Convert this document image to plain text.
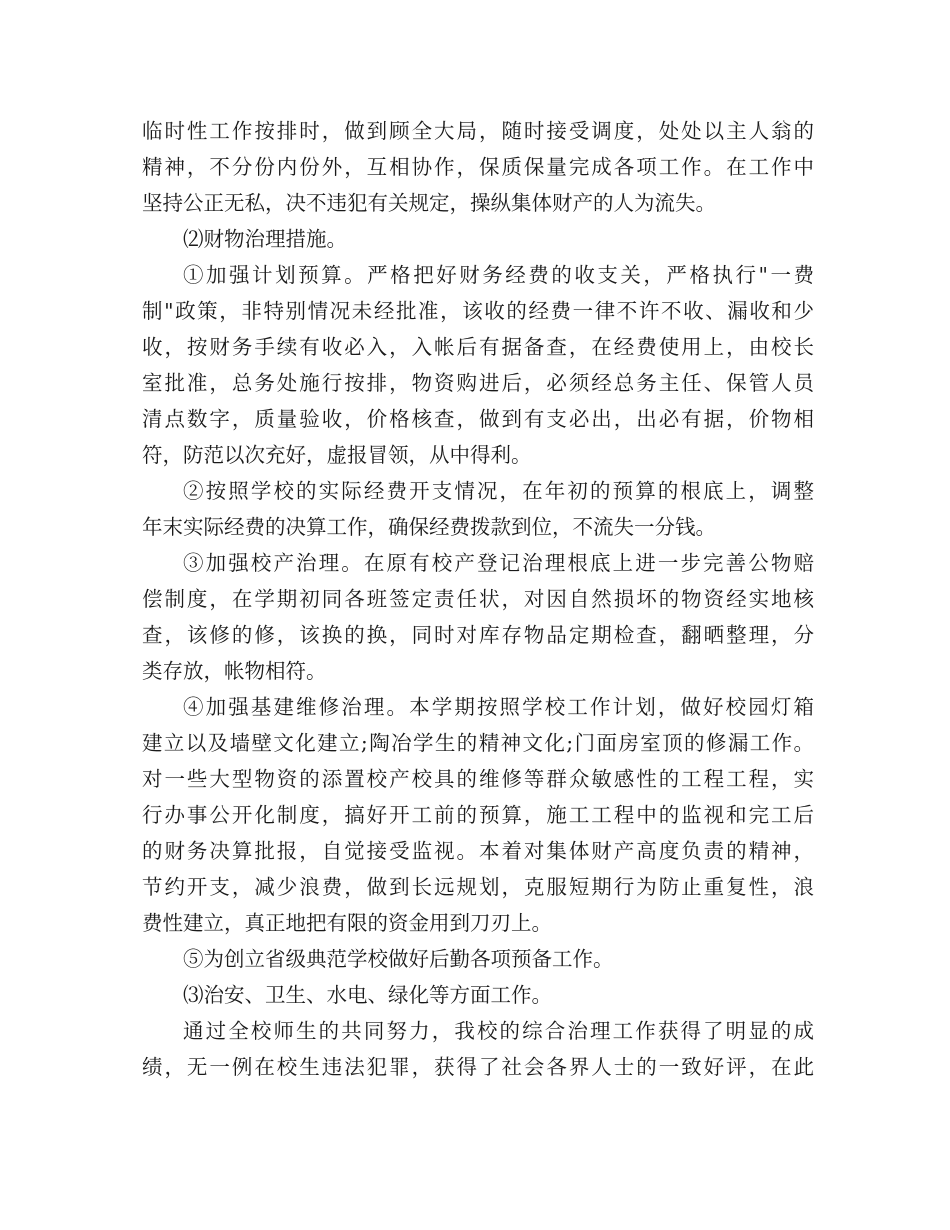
临时性工作按排时，做到顾全大局，随时接受调度，处处以主人翁的
精神，不分份内份外，互相协作，保质保量完成各项工作。在工作中
坚持公正无私，决不违犯有关规定，操纵集体财产的人为流失。
⑵财物治理措施。
①加强计划预算。严格把好财务经费的收支关，严格执行"一费
制"政策，非特别情况未经批准，该收的经费一律不许不收、漏收和少
收，按财务手续有收必入，入帐后有据备查，在经费使用上，由校长
室批准，总务处施行按排，物资购进后，必须经总务主任、保管人员
清点数字，质量验收，价格核查，做到有支必出，出必有据，价物相
符，防范以次充好，虚报冒领，从中得利。
②按照学校的实际经费开支情况，在年初的预算的根底上，调整
年末实际经费的决算工作，确保经费拨款到位，不流失一分钱。
③加强校产治理。在原有校产登记治理根底上进一步完善公物赔
偿制度，在学期初同各班签定责任状，对因自然损坏的物资经实地核
查，该修的修，该换的换，同时对库存物品定期检查，翻晒整理，分
类存放，帐物相符。
④加强基建维修治理。本学期按照学校工作计划，做好校园灯箱
建立以及墙壁文化建立;陶冶学生的精神文化;门面房室顶的修漏工作。
对一些大型物资的添置校产校具的维修等群众敏感性的工程工程，实
行办事公开化制度，搞好开工前的预算，施工工程中的监视和完工后
的财务决算批报，自觉接受监视。本着对集体财产高度负责的精神，
节约开支，减少浪费，做到长远规划，克服短期行为防止重复性，浪
费性建立，真正地把有限的资金用到刀刃上。
⑤为创立省级典范学校做好后勤各项预备工作。
⑶治安、卫生、水电、绿化等方面工作。
通过全校师生的共同努力，我校的综合治理工作获得了明显的成
绩，无一例在校生违法犯罪，获得了社会各界人士的一致好评，在此
